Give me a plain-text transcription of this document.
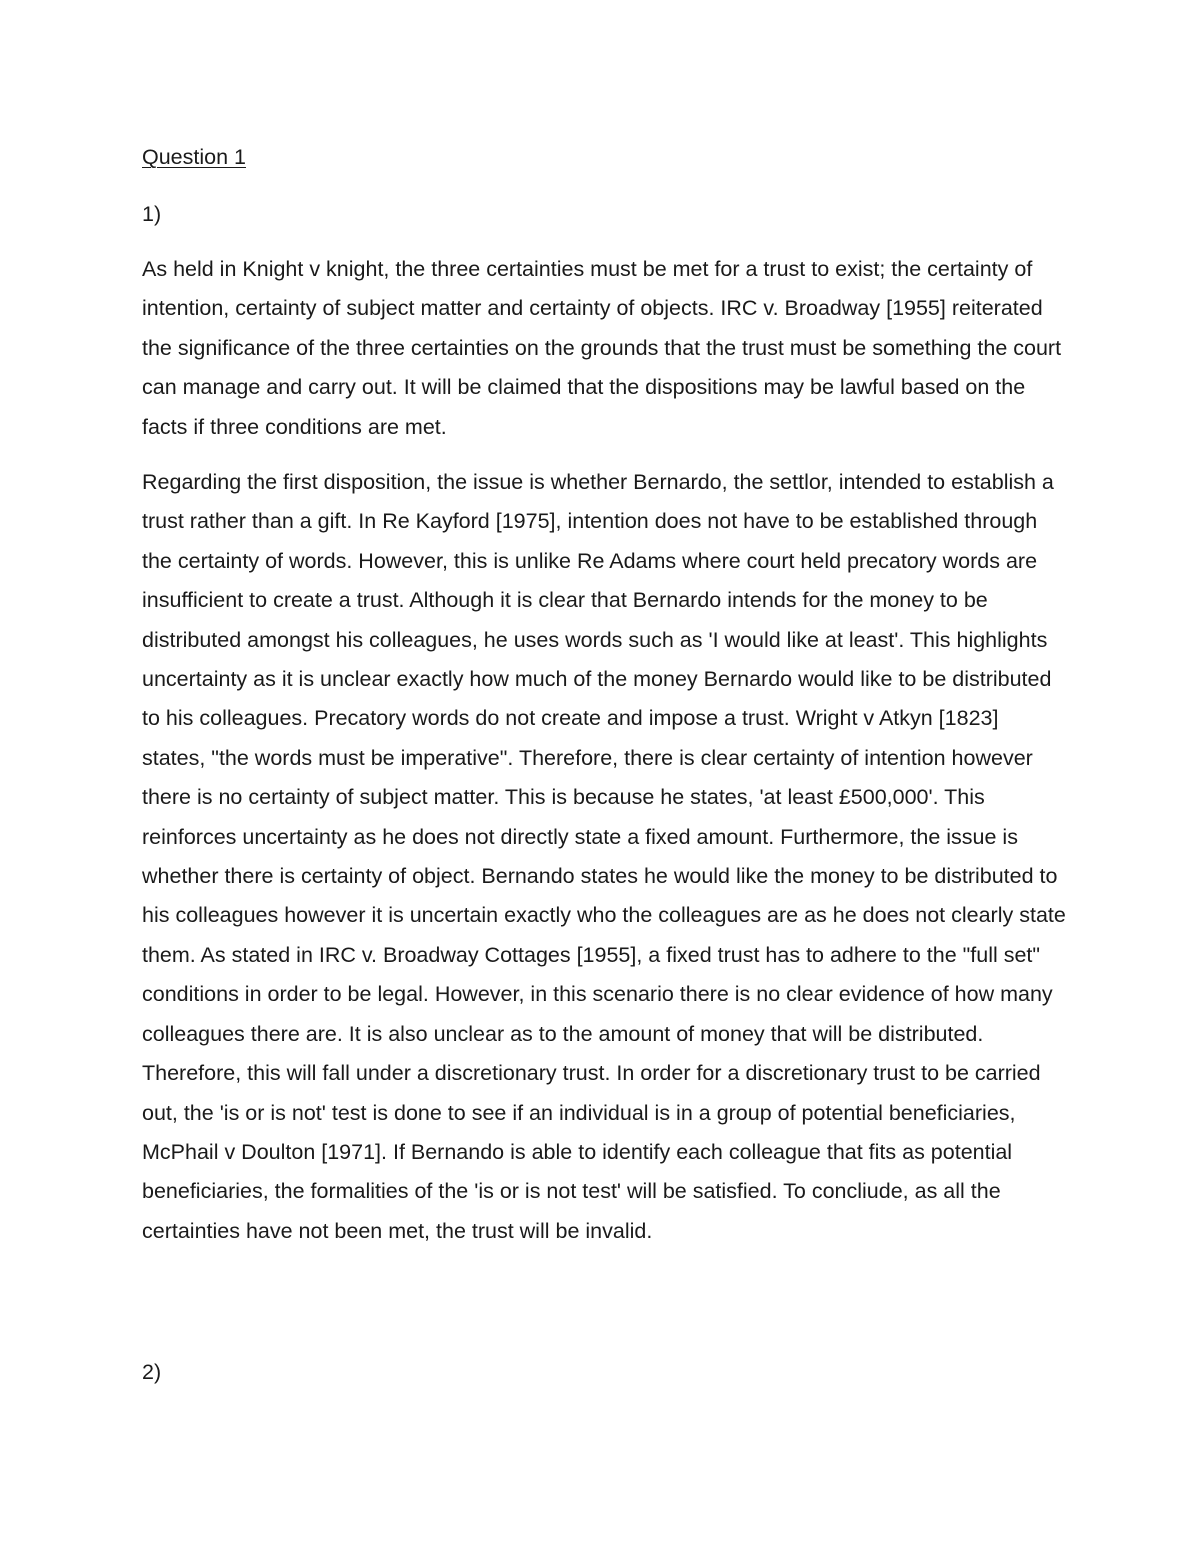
Question 1

1)

As held in Knight v knight, the three certainties must be met for a trust to exist; the certainty of intention, certainty of subject matter and certainty of objects. IRC v. Broadway [1955] reiterated the significance of the three certainties on the grounds that the trust must be something the court can manage and carry out. It will be claimed that the dispositions may be lawful based on the facts if three conditions are met.

Regarding the first disposition, the issue is whether Bernardo, the settlor, intended to establish a trust rather than a gift. In Re Kayford [1975], intention does not have to be established through the certainty of words. However, this is unlike Re Adams where court held precatory words are insufficient to create a trust. Although it is clear that Bernardo intends for the money to be distributed amongst his colleagues, he uses words such as 'I would like at least'. This highlights uncertainty as it is unclear exactly how much of the money Bernardo would like to be distributed to his colleagues. Precatory words do not create and impose a trust. Wright v Atkyn [1823] states, "the words must be imperative". Therefore, there is clear certainty of intention however there is no certainty of subject matter. This is because he states, 'at least £500,000'. This reinforces uncertainty as he does not directly state a fixed amount. Furthermore, the issue is whether there is certainty of object. Bernando states he would like the money to be distributed to his colleagues however it is uncertain exactly who the colleagues are as he does not clearly state them. As stated in IRC v. Broadway Cottages [1955], a fixed trust has to adhere to the "full set" conditions in order to be legal. However, in this scenario there is no clear evidence of how many colleagues there are. It is also unclear as to the amount of money that will be distributed. Therefore, this will fall under a discretionary trust. In order for a discretionary trust to be carried out, the 'is or is not' test is done to see if an individual is in a group of potential beneficiaries, McPhail v Doulton [1971]. If Bernando is able to identify each colleague that fits as potential beneficiaries, the formalities of the 'is or is not test' will be satisfied. To concliude, as all the certainties have not been met, the trust will be invalid.

2)
